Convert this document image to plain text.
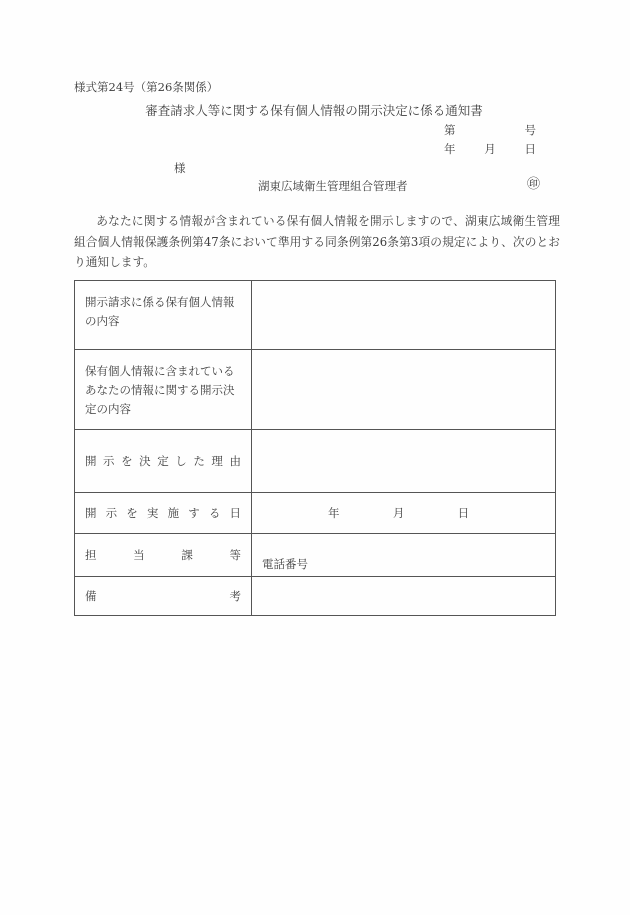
様式第24号（第26条関係）
審査請求人等に関する保有個人情報の開示決定に係る通知書
第	号
年	月	日
様
湖東広域衛生管理組合管理者	㊞

あなたに関する情報が含まれている保有個人情報を開示しますので、湖東広域衛生管理組合個人情報保護条例第47条において準用する同条例第26条第3項の規定により、次のとおり通知します。

開示請求に係る保有個人情報の内容	

保有個人情報に含まれているあなたの情報に関する開示決定の内容	

開示を決定した理由	

開示を実施する日	年 月 日

担当課等	電話番号

備考	
